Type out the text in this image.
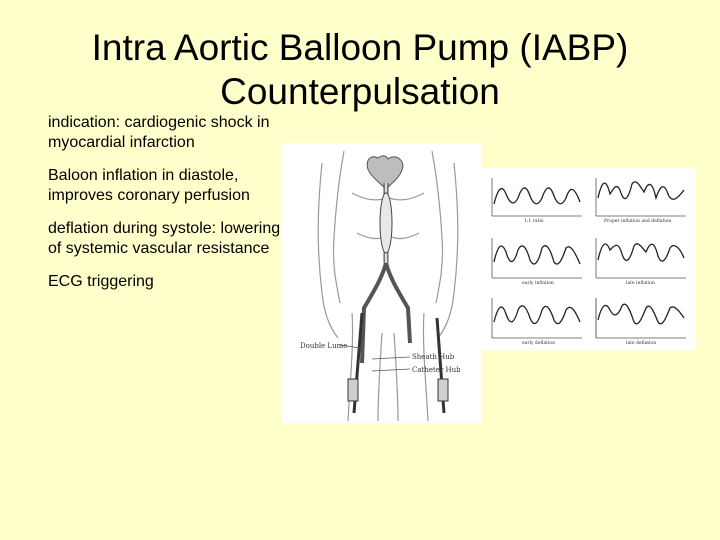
Intra Aortic Balloon Pump (IABP) Counterpulsation
indication: cardiogenic shock in myocardial infarction
Baloon inflation in diastole, improves coronary perfusion
deflation during systole: lowering of systemic vascular resistance
ECG triggering
Double Lume
Sheath Hub
Catheter Hub
1:1 ratio	Proper inflation and deflation
early inflation	late inflation
early deflation	late deflation
